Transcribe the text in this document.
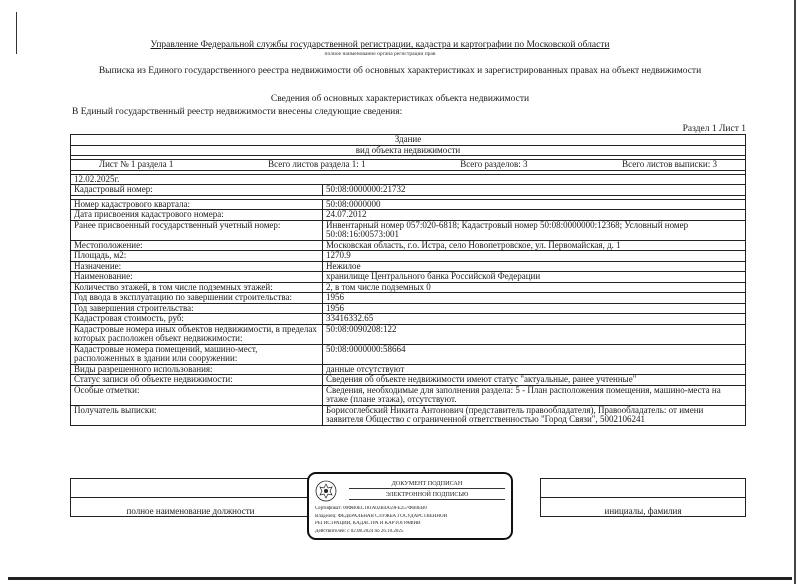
Управление Федеральной службы государственной регистрации, кадастра и картографии по Московской области
полное наименование органа регистрации прав
Выписка из Единого государственного реестра недвижимости об основных характеристиках и зарегистрированных правах на объект недвижимости
Сведения об основных характеристиках объекта недвижимости
В Единый государственный реестр недвижимости внесены следующие сведения:
Раздел 1 Лист 1
Здание	
вид объекта недвижимости	

Лист № 1 раздела 1 Всего листов раздела 1: 1 Всего разделов: 3 Всего листов выписки: 3	

12.02.2025г.	
Кадастровый номер:	50:08:0000000:21732

Номер кадастрового квартала:	50:08:0000000
Дата присвоения кадастрового номера:	24.07.2012
Ранее присвоенный государственный учетный номер:	Инвентарный номер 057:020-6818; Кадастровый номер 50:08:0000000:12368; Условный номер 50:08:16:00573:001
Местоположение:	Московская область, г.о. Истра, село Новопетровское, ул. Первомайская, д. 1
Площадь, м2:	1270.9
Назначение:	Нежилое
Наименование:	хранилище Центрального банка Российской Федерации
Количество этажей, в том числе подземных этажей:	2, в том числе подземных 0
Год ввода в эксплуатацию по завершении строительства:	1956
Год завершения строительства:	1956
Кадастровая стоимость, руб:	33416332.65
Кадастровые номера иных объектов недвижимости, в пределах которых расположен объект недвижимости:	50:08:0090208:122
Кадастровые номера помещений, машино-мест, расположенных в здании или сооружении:	50:08:0000000:58664
Виды разрешенного использования:	данные отсутствуют
Статус записи об объекте недвижимости:	Сведения об объекте недвижимости имеют статус "актуальные, ранее учтенные"
Особые отметки:	Сведения, необходимые для заполнения раздела: 5 - План расположения помещения, машино-места на этаже (плане этажа), отсутствуют.
Получатель выписки:	Борисоглебский Никита Антонович (представитель правообладателя), Правообладатель: от имени заявителя Общество с ограниченной ответственностью "Город Связи", 5002106241

полное наименование должности		инициалы, фамилия
ДОКУМЕНТ ПОДПИСАН
ЭЛЕКТРОННОЙ ПОДПИСЬЮ
Сертификат: 00ФВ0EC181A02B4A59FE257ФB0EB0
Владелец: ФЕДЕРАЛЬНАЯ СЛУЖБА ГОСУДАРСТВЕННОЙ
РЕГИСТРАЦИИ, КАДАСТРА И КАРТОГРАФИИ
Действителен: с 02.08.2024 по 26.10.2025
